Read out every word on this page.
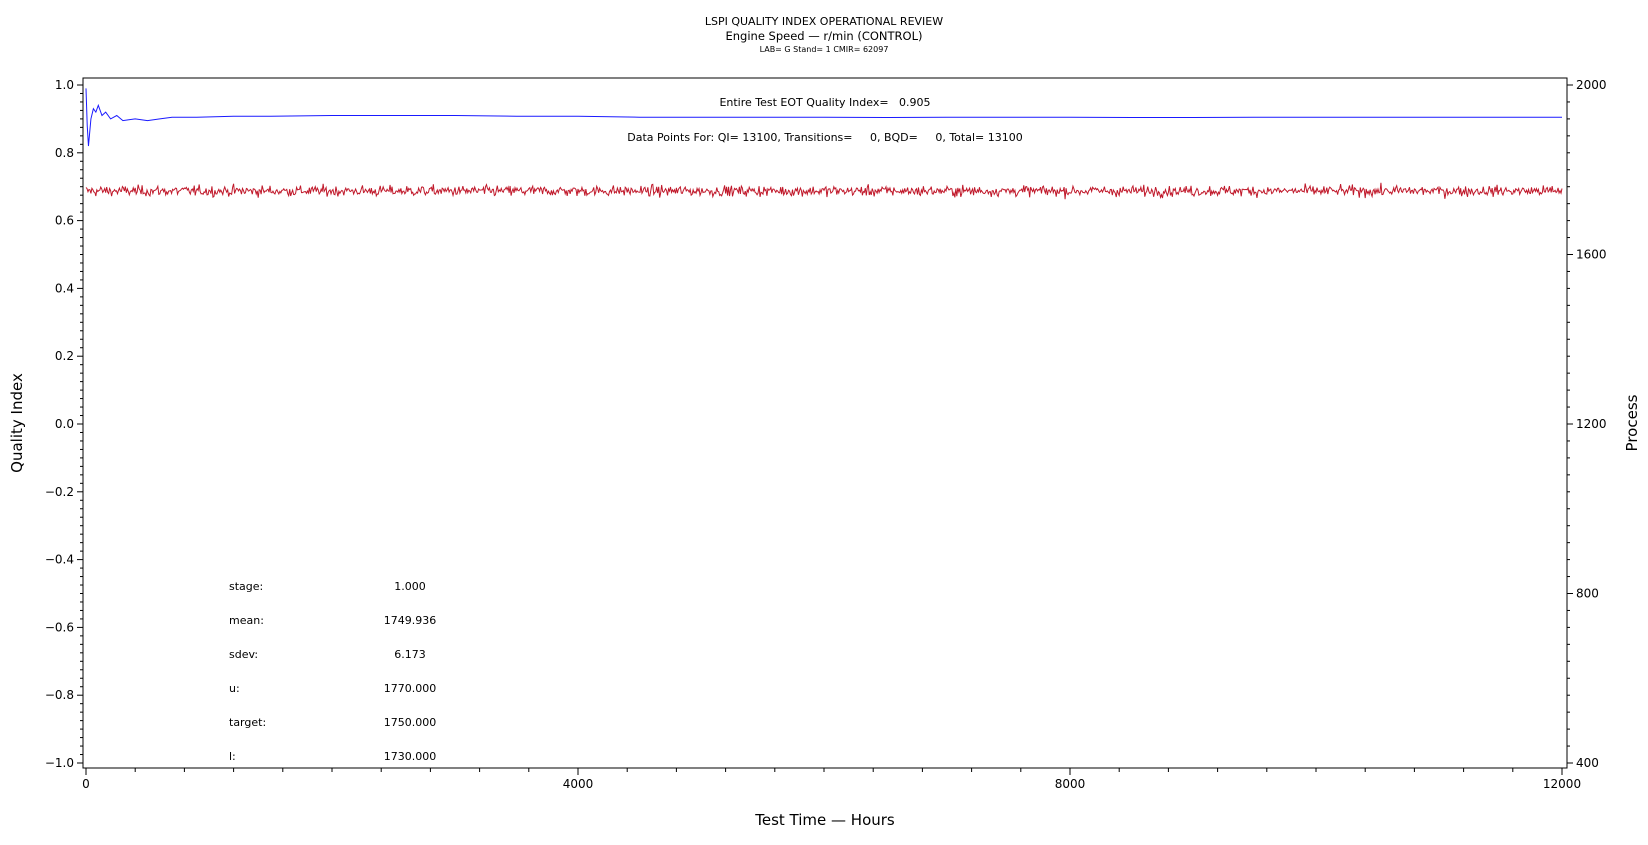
LSPI QUALITY INDEX OPERATIONAL REVIEW
Engine Speed — r/min (CONTROL)
LAB= G Stand= 1 CMIR= 62097
Entire Test EOT Quality Index=   0.905
Data Points For: QI= 13100, Transitions=     0, BQD=     0, Total= 13100
0	4000	8000	12000
1.0
0.8
0.6
0.4
0.2
0.0
−0.2
−0.4
−0.6
−0.8
−1.0
2000
1600
1200
800
400
Test Time — Hours
Quality Index	Process
stage:	1.000
mean:	1749.936
sdev:	6.173
u:	1770.000
target:	1750.000
l:	1730.000
